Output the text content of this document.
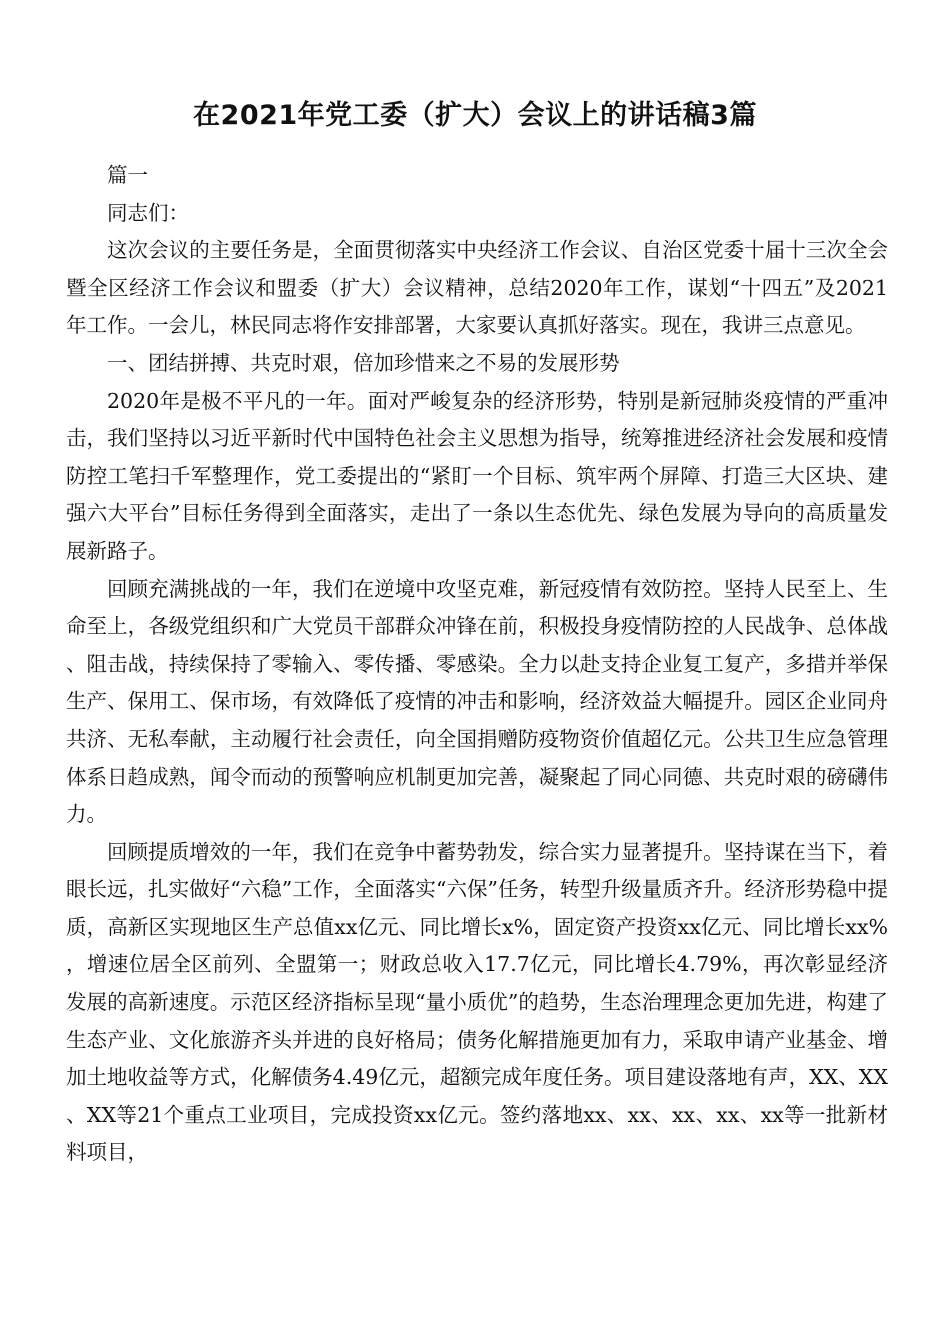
在2021年党工委（扩大）会议上的讲话稿3篇

篇一

同志们：

这次会议的主要任务是，全面贯彻落实中央经济工作会议、自治区党委十届十三次全会暨全区经济工作会议和盟委（扩大）会议精神，总结2020年工作，谋划“十四五”及2021年工作。一会儿，林民同志将作安排部署，大家要认真抓好落实。现在，我讲三点意见。

一、团结拼搏、共克时艰，倍加珍惜来之不易的发展形势

2020年是极不平凡的一年。面对严峻复杂的经济形势，特别是新冠肺炎疫情的严重冲击，我们坚持以习近平新时代中国特色社会主义思想为指导，统筹推进经济社会发展和疫情防控工笔扫千军整理作，党工委提出的“紧盯一个目标、筑牢两个屏障、打造三大区块、建强六大平台”目标任务得到全面落实，走出了一条以生态优先、绿色发展为导向的高质量发展新路子。

回顾充满挑战的一年，我们在逆境中攻坚克难，新冠疫情有效防控。坚持人民至上、生命至上，各级党组织和广大党员干部群众冲锋在前，积极投身疫情防控的人民战争、总体战、阻击战，持续保持了零输入、零传播、零感染。全力以赴支持企业复工复产，多措并举保生产、保用工、保市场，有效降低了疫情的冲击和影响，经济效益大幅提升。园区企业同舟共济、无私奉献，主动履行社会责任，向全国捐赠防疫物资价值超亿元。公共卫生应急管理体系日趋成熟，闻令而动的预警响应机制更加完善，凝聚起了同心同德、共克时艰的磅礴伟力。

回顾提质增效的一年，我们在竞争中蓄势勃发，综合实力显著提升。坚持谋在当下，着眼长远，扎实做好“六稳”工作，全面落实“六保”任务，转型升级量质齐升。经济形势稳中提质，高新区实现地区生产总值xx亿元、同比增长x%，固定资产投资xx亿元、同比增长xx%，增速位居全区前列、全盟第一；财政总收入17.7亿元，同比增长4.79%，再次彰显经济发展的高新速度。示范区经济指标呈现“量小质优”的趋势，生态治理理念更加先进，构建了生态产业、文化旅游齐头并进的良好格局；债务化解措施更加有力，采取申请产业基金、增加土地收益等方式，化解债务4.49亿元，超额完成年度任务。项目建设落地有声，XX、XX、XX等21个重点工业项目，完成投资xx亿元。签约落地xx、xx、xx、xx、xx等一批新材料项目，
